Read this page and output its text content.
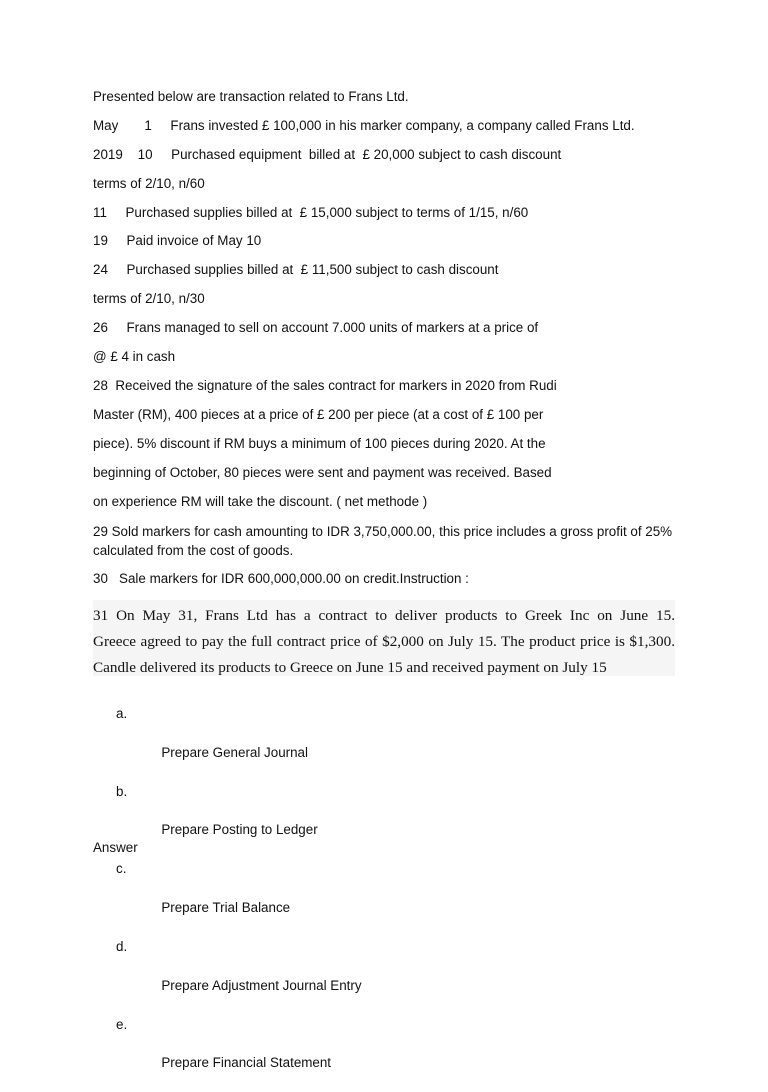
Presented below are transaction related to Frans Ltd.
May       1     Frans invested £ 100,000 in his marker company, a company called Frans Ltd.
2019    10     Purchased equipment  billed at  £ 20,000 subject to cash discount
terms of 2/10, n/60
11     Purchased supplies billed at  £ 15,000 subject to terms of 1/15, n/60
19     Paid invoice of May 10
24     Purchased supplies billed at  £ 11,500 subject to cash discount
terms of 2/10, n/30
26     Frans managed to sell on account 7.000 units of markers at a price of
@ £ 4 in cash
28  Received the signature of the sales contract for markers in 2020 from Rudi
Master (RM), 400 pieces at a price of £ 200 per piece (at a cost of £ 100 per
piece). 5% discount if RM buys a minimum of 100 pieces during 2020. At the
beginning of October, 80 pieces were sent and payment was received. Based
on experience RM will take the discount. ( net methode )
29 Sold markers for cash amounting to IDR 3,750,000.00, this price includes a gross profit of 25% calculated from the cost of goods.
30   Sale markers for IDR 600,000,000.00 on credit.Instruction :
31 On May 31, Frans Ltd has a contract to deliver products to Greek Inc on June 15.
Greece agreed to pay the full contract price of $2,000 on July 15. The product price is $1,300.
Candle delivered its products to Greece on June 15 and received payment on July 15

a.

Prepare General Journal

b.

Prepare Posting to Ledger

c.

Prepare Trial Balance

d.

Prepare Adjustment Journal Entry

e.

Prepare Financial Statement

Answer
